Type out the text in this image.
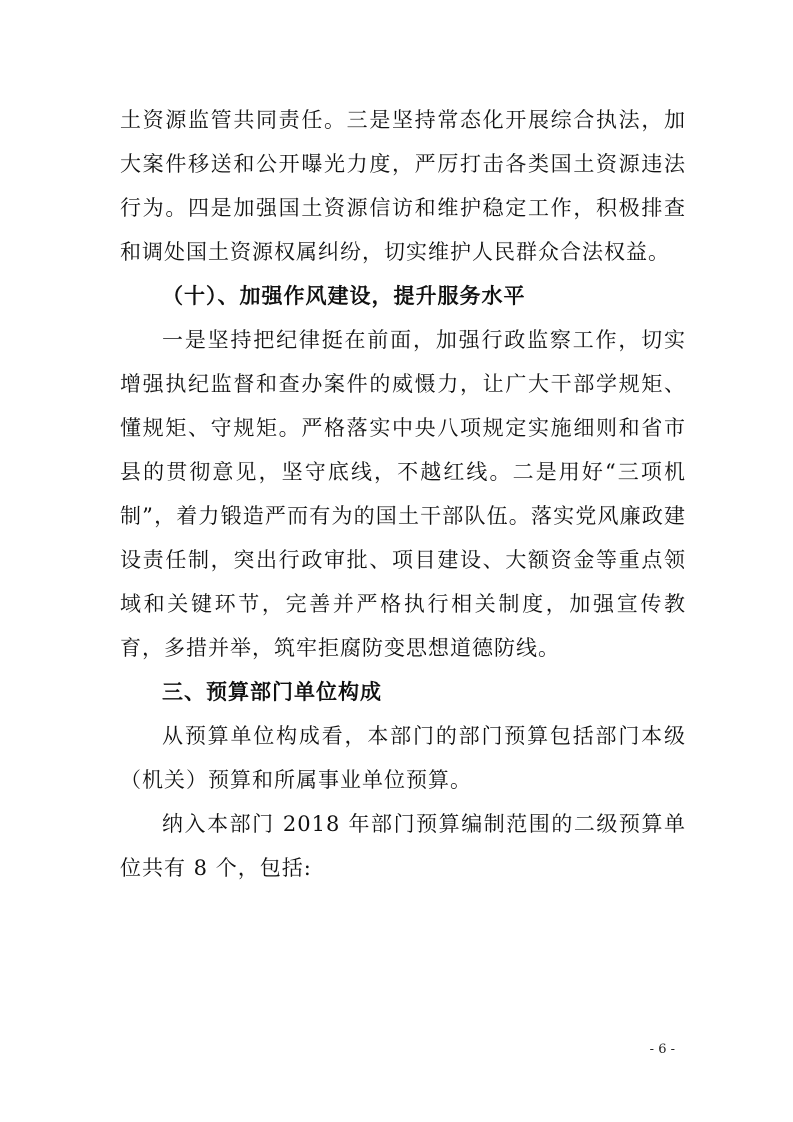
土资源监管共同责任。三是坚持常态化开展综合执法，加大案件移送和公开曝光力度，严厉打击各类国土资源违法行为。四是加强国土资源信访和维护稳定工作，积极排查和调处国土资源权属纠纷，切实维护人民群众合法权益。

（十）、加强作风建设，提升服务水平

一是坚持把纪律挺在前面，加强行政监察工作，切实增强执纪监督和查办案件的威慑力，让广大干部学规矩、懂规矩、守规矩。严格落实中央八项规定实施细则和省市县的贯彻意见，坚守底线，不越红线。二是用好“三项机制”，着力锻造严而有为的国土干部队伍。落实党风廉政建设责任制，突出行政审批、项目建设、大额资金等重点领域和关键环节，完善并严格执行相关制度，加强宣传教育，多措并举，筑牢拒腐防变思想道德防线。

三、预算部门单位构成

从预算单位构成看，本部门的部门预算包括部门本级（机关）预算和所属事业单位预算。

纳入本部门 2018 年部门预算编制范围的二级预算单位共有 8 个，包括:

- 6 -
